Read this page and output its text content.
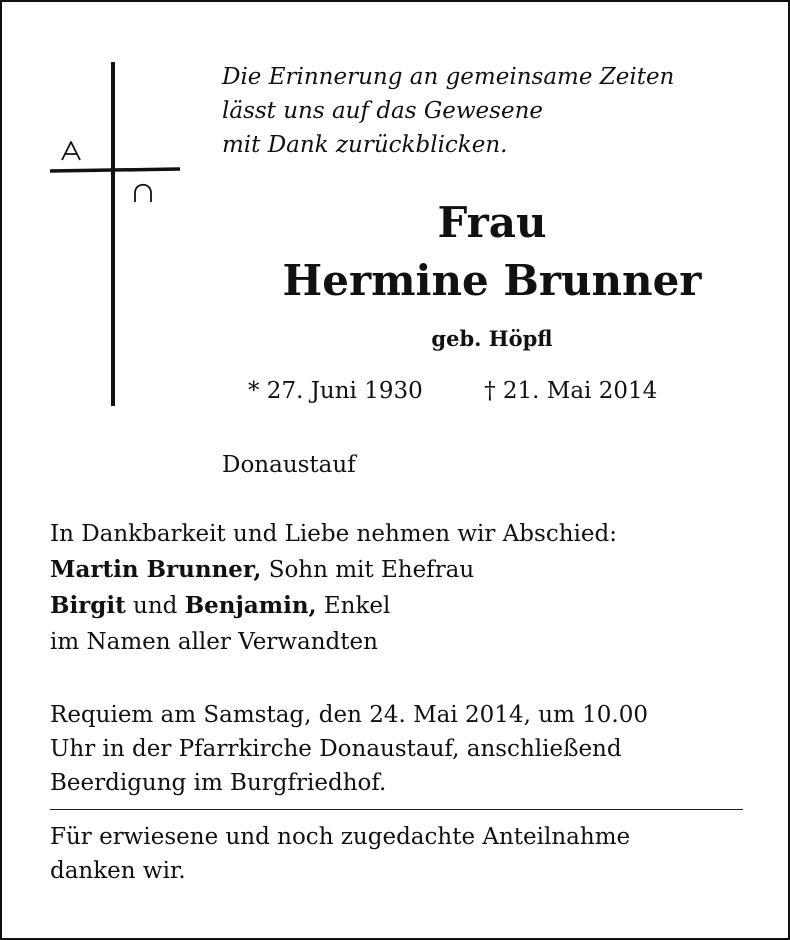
Die Erinnerung an gemeinsame Zeiten
lässt uns auf das Gewesene
mit Dank zurückblicken.
Frau
Hermine Brunner
geb. Höpfl
* 27. Juni 1930	† 21. Mai 2014
Donaustauf
In Dankbarkeit und Liebe nehmen wir Abschied:
Martin Brunner, Sohn mit Ehefrau
Birgit und Benjamin, Enkel
im Namen aller Verwandten
Requiem am Samstag, den 24. Mai 2014, um 10.00
Uhr in der Pfarrkirche Donaustauf, anschließend
Beerdigung im Burgfriedhof.
Für erwiesene und noch zugedachte Anteilnahme
danken wir.
